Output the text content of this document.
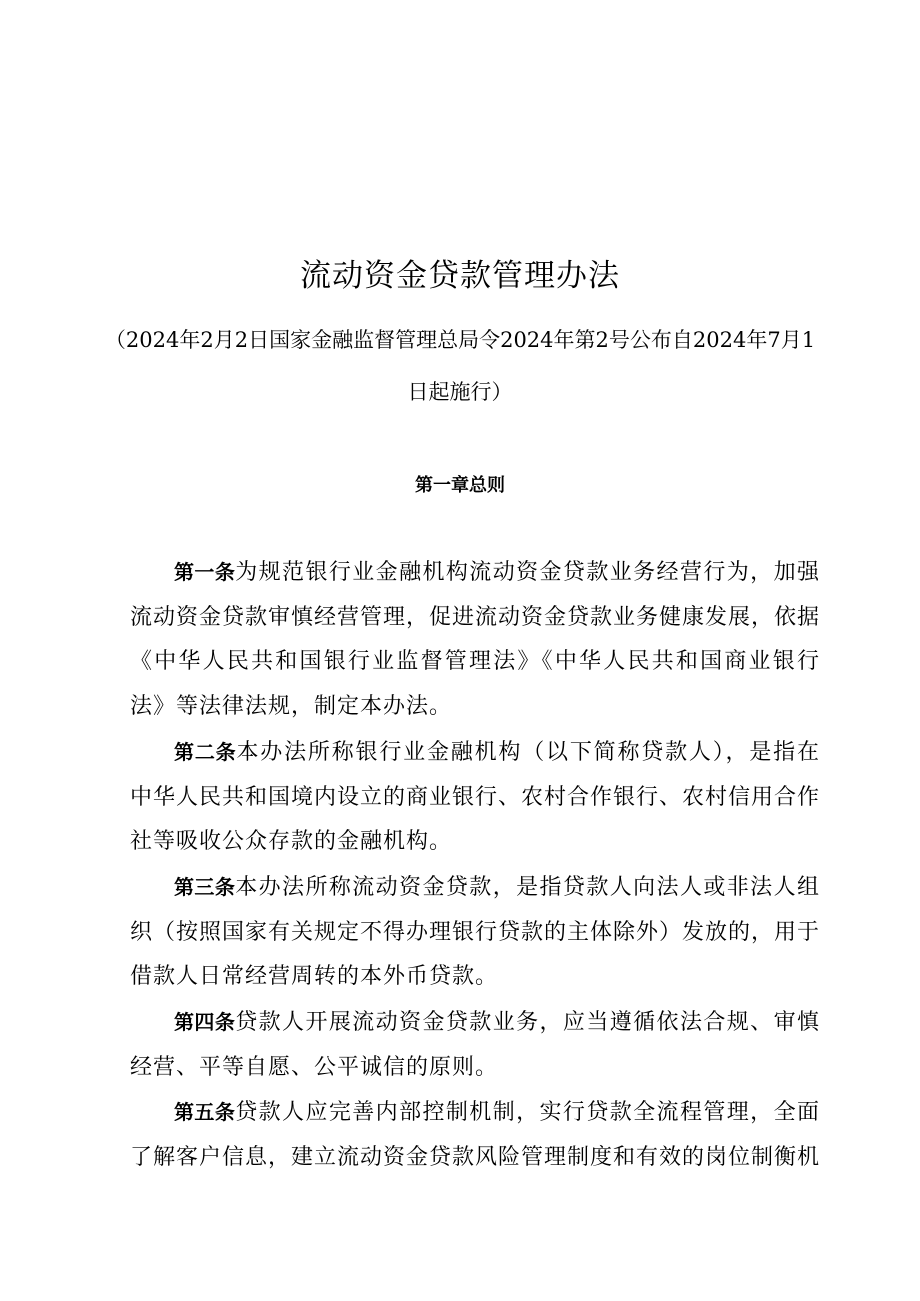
流动资金贷款管理办法
（2024年2月2日国家金融监督管理总局令2024年第2号公布自2024年7月1日起施行）
第一章总则

第一条为规范银行业金融机构流动资金贷款业务经营行为，加强流动资金贷款审慎经营管理，促进流动资金贷款业务健康发展，依据《中华人民共和国银行业监督管理法》《中华人民共和国商业银行法》等法律法规，制定本办法。

第二条本办法所称银行业金融机构（以下简称贷款人），是指在中华人民共和国境内设立的商业银行、农村合作银行、农村信用合作社等吸收公众存款的金融机构。

第三条本办法所称流动资金贷款，是指贷款人向法人或非法人组织（按照国家有关规定不得办理银行贷款的主体除外）发放的，用于借款人日常经营周转的本外币贷款。

第四条贷款人开展流动资金贷款业务，应当遵循依法合规、审慎经营、平等自愿、公平诚信的原则。

第五条贷款人应完善内部控制机制，实行贷款全流程管理，全面了解客户信息，建立流动资金贷款风险管理制度和有效的岗位制衡机
